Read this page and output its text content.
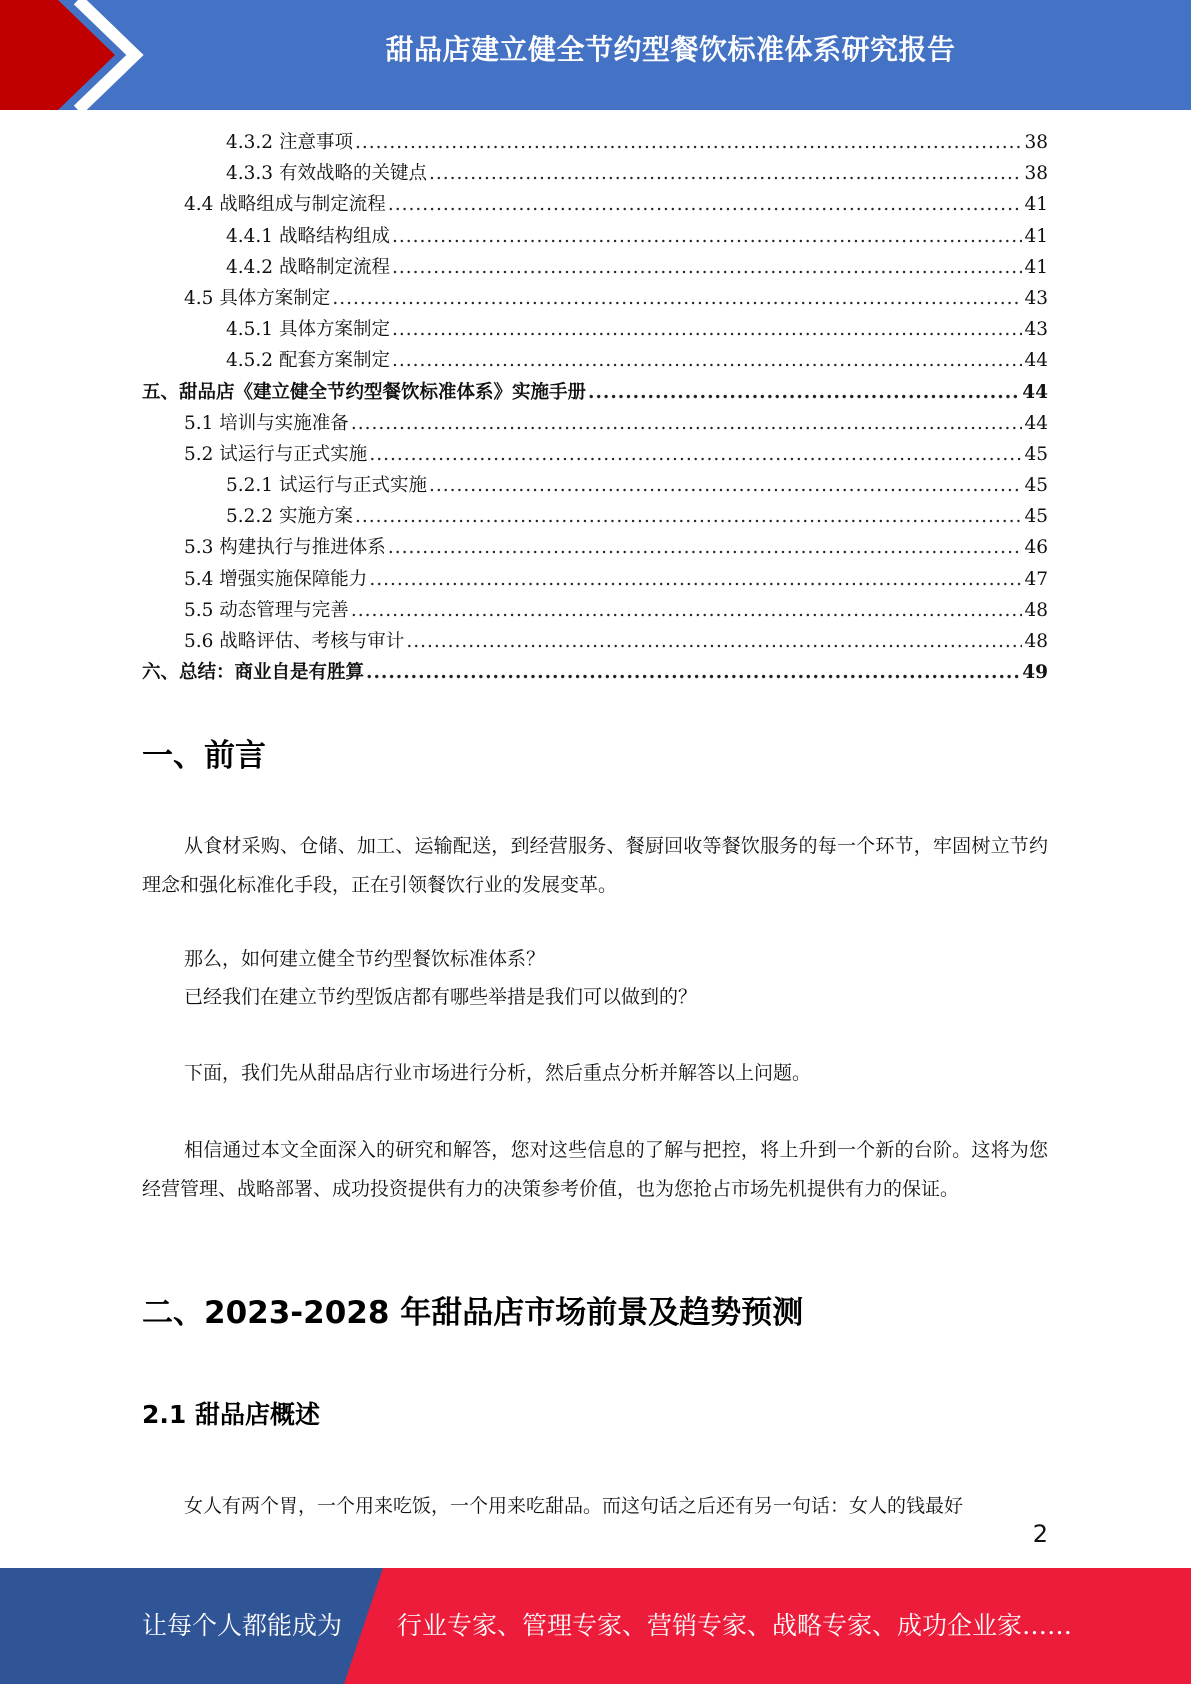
甜品店建立健全节约型餐饮标准体系研究报告
4.3.2 注意事项 .....	38
4.3.3 有效战略的关键点 .....	38
4.4 战略组成与制定流程 .....	41
4.4.1 战略结构组成 .....	41
4.4.2 战略制定流程 .....	41
4.5 具体方案制定 .....	43
4.5.1 具体方案制定 .....	43
4.5.2 配套方案制定 .....	44
五、甜品店《建立健全节约型餐饮标准体系》实施手册 .....	44
5.1 培训与实施准备 .....	44
5.2 试运行与正式实施 .....	45
5.2.1 试运行与正式实施 .....	45
5.2.2 实施方案 .....	45
5.3 构建执行与推进体系 .....	46
5.4 增强实施保障能力 .....	47
5.5 动态管理与完善 .....	48
5.6 战略评估、考核与审计 .....	48
六、总结：商业自是有胜算 .....	49
一、前言
从食材采购、仓储、加工、运输配送，到经营服务、餐厨回收等餐饮服务的每一个环节，牢固树立节约理念和强化标准化手段，正在引领餐饮行业的发展变革。
那么，如何建立健全节约型餐饮标准体系？
已经我们在建立节约型饭店都有哪些举措是我们可以做到的？
下面，我们先从甜品店行业市场进行分析，然后重点分析并解答以上问题。
相信通过本文全面深入的研究和解答，您对这些信息的了解与把控，将上升到一个新的台阶。这将为您经营管理、战略部署、成功投资提供有力的决策参考价值，也为您抢占市场先机提供有力的保证。
二、2023-2028 年甜品店市场前景及趋势预测
2.1 甜品店概述
女人有两个胃，一个用来吃饭，一个用来吃甜品。而这句话之后还有另一句话：女人的钱最好
2
让每个人都能成为 行业专家、管理专家、营销专家、战略专家、成功企业家……
